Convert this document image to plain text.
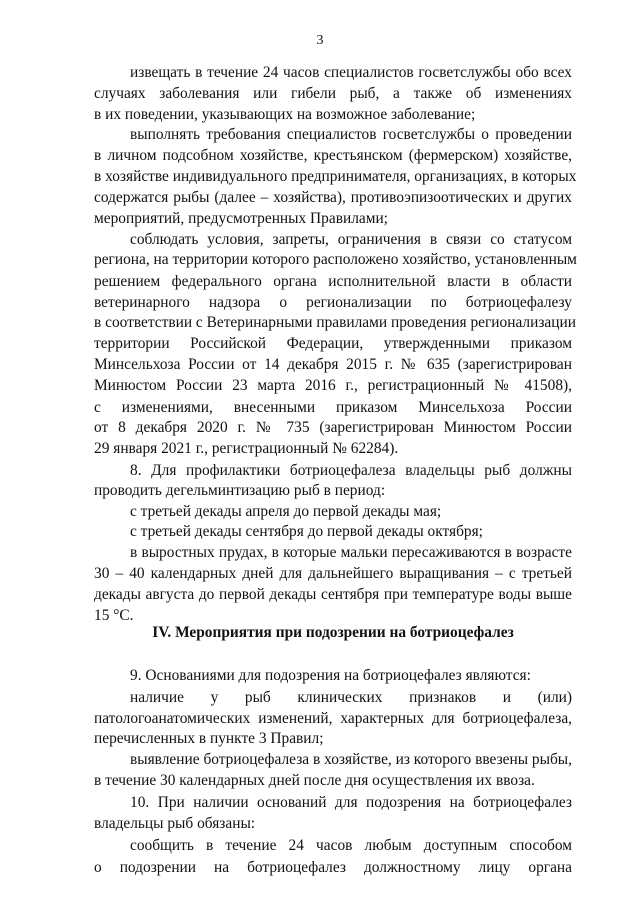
3
извещать в течение 24 часов специалистов госветслужбы обо всех
случаях заболевания или гибели рыб, а также об изменениях
в их поведении, указывающих на возможное заболевание;
выполнять требования специалистов госветслужбы о проведении
в личном подсобном хозяйстве, крестьянском (фермерском) хозяйстве,
в хозяйстве индивидуального предпринимателя, организациях, в которых
содержатся рыбы (далее – хозяйства), противоэпизоотических и других
мероприятий, предусмотренных Правилами;
соблюдать условия, запреты, ограничения в связи со статусом
региона, на территории которого расположено хозяйство, установленным
решением федерального органа исполнительной власти в области
ветеринарного надзора о регионализации по ботриоцефалезу
в соответствии с Ветеринарными правилами проведения регионализации
территории Российской Федерации, утвержденными приказом
Минсельхоза России от 14 декабря 2015 г. № 635 (зарегистрирован
Минюстом России 23 марта 2016 г., регистрационный № 41508),
с изменениями, внесенными приказом Минсельхоза России
от 8 декабря 2020 г. № 735 (зарегистрирован Минюстом России
29 января 2021 г., регистрационный № 62284).
8. Для профилактики ботриоцефалеза владельцы рыб должны
проводить дегельминтизацию рыб в период:
с третьей декады апреля до первой декады мая;
с третьей декады сентября до первой декады октября;
в выростных прудах, в которые мальки пересаживаются в возрасте
30 – 40 календарных дней для дальнейшего выращивания – с третьей
декады августа до первой декады сентября при температуре воды выше
15 °С.
9. Основаниями для подозрения на ботриоцефалез являются:
наличие у рыб клинических признаков и (или)
патологоанатомических изменений, характерных для ботриоцефалеза,
перечисленных в пункте 3 Правил;
выявление ботриоцефалеза в хозяйстве, из которого ввезены рыбы,
в течение 30 календарных дней после дня осуществления их ввоза.
10. При наличии оснований для подозрения на ботриоцефалез
владельцы рыб обязаны:
сообщить в течение 24 часов любым доступным способом
о подозрении на ботриоцефалез должностному лицу органа
IV. Мероприятия при подозрении на ботриоцефалез
